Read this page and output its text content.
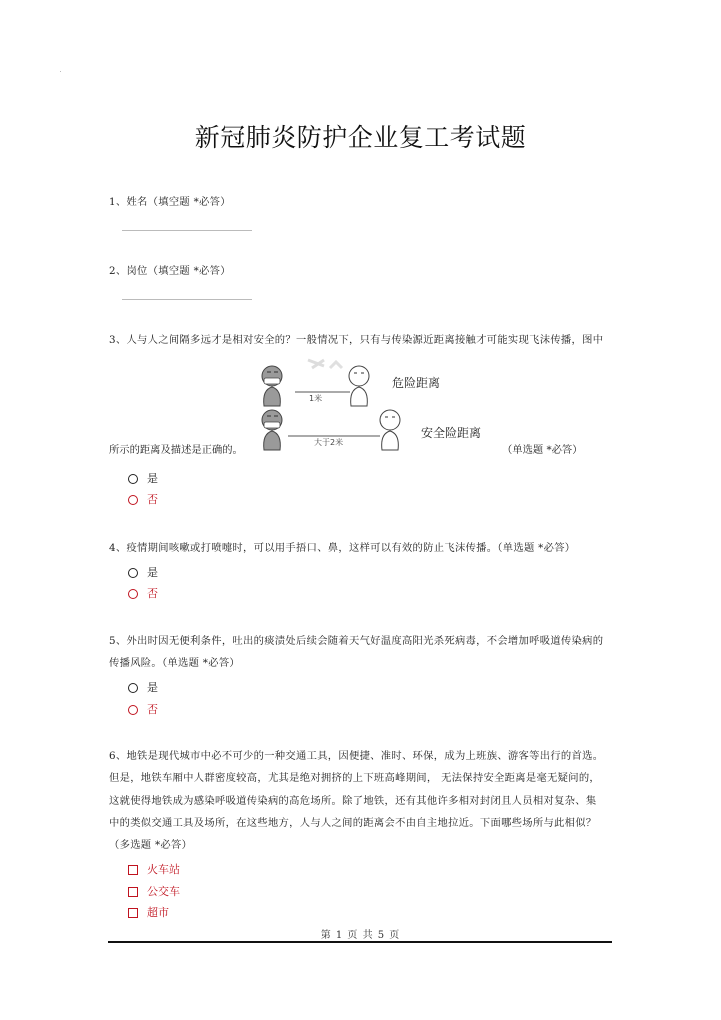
新冠肺炎防护企业复工考试题
1、姓名（填空题 *必答）
2、岗位（填空题 *必答）
3、人与人之间隔多远才是相对安全的？一般情况下，只有与传染源近距离接触才可能实现飞沫传播，图中
1米
危险距离
大于2米
安全险距离
所示的距离及描述是正确的。	（单选题 *必答）
是
否
4、疫情期间咳嗽或打喷嚏时，可以用手捂口、鼻，这样可以有效的防止飞沫传播。（单选题 *必答）
是
否
5、外出时因无便利条件，吐出的痰渍处后续会随着天气好温度高阳光杀死病毒，不会增加呼吸道传染病的
传播风险。（单选题 *必答）
是
否
6、地铁是现代城市中必不可少的一种交通工具，因便捷、准时、环保，成为上班族、游客等出行的首选。
但是，地铁车厢中人群密度较高，尤其是绝对拥挤的上下班高峰期间， 无法保持安全距离是毫无疑问的，
这就使得地铁成为感染呼吸道传染病的高危场所。除了地铁，还有其他许多相对封闭且人员相对复杂、集
中的类似交通工具及场所，在这些地方，人与人之间的距离会不由自主地拉近。下面哪些场所与此相似？
（多选题 *必答）
火车站
公交车
超市
第 1 页 共 5 页
